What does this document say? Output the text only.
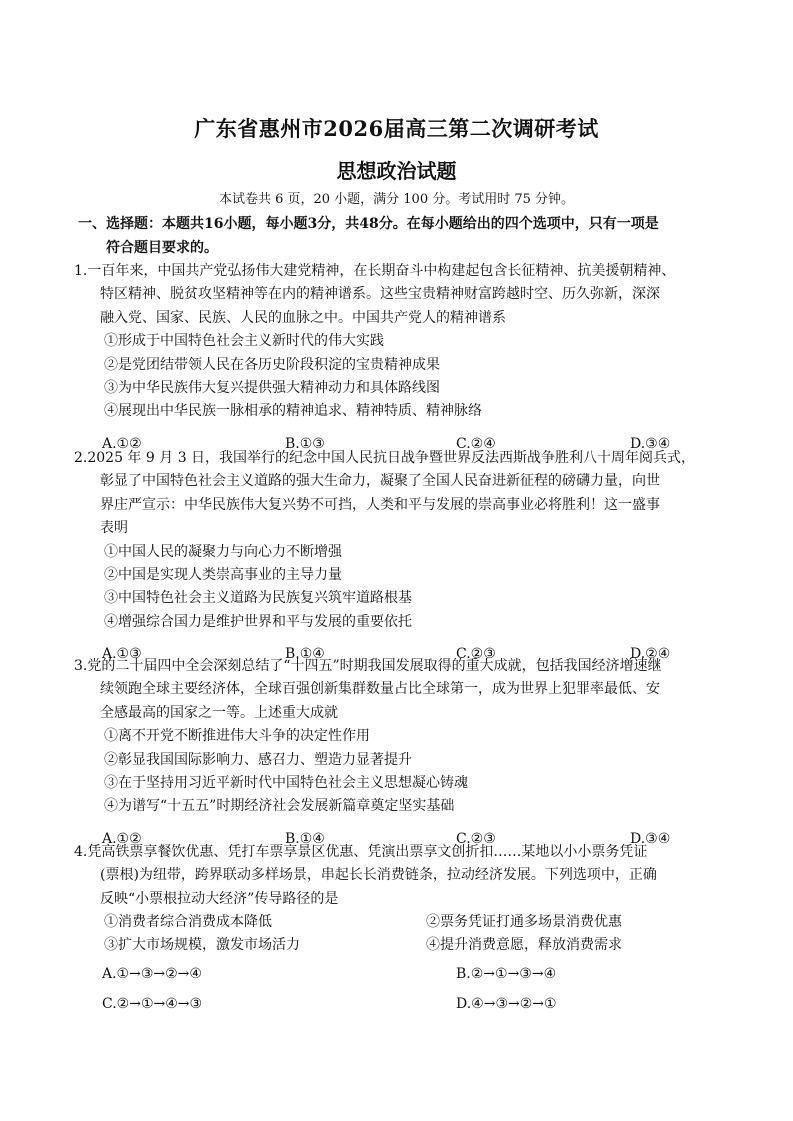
广东省惠州市2026届高三第二次调研考试
思想政治试题
本试卷共 6 页，20 小题，满分 100 分。考试用时 75 分钟。
一、选择题：本题共16小题，每小题3分，共48分。在每小题给出的四个选项中，只有一项是
符合题目要求的。
1.一百年来，中国共产党弘扬伟大建党精神，在长期奋斗中构建起包含长征精神、抗美援朝精神、
特区精神、脱贫攻坚精神等在内的精神谱系。这些宝贵精神财富跨越时空、历久弥新，深深
融入党、国家、民族、人民的血脉之中。中国共产党人的精神谱系
①形成于中国特色社会主义新时代的伟大实践
②是党团结带领人民在各历史阶段积淀的宝贵精神成果
③为中华民族伟大复兴提供强大精神动力和具体路线图
④展现出中华民族一脉相承的精神追求、精神特质、精神脉络
A.①②	B.①③	C.②④	D.③④
2.2025 年 9 月 3 日，我国举行的纪念中国人民抗日战争暨世界反法西斯战争胜利八十周年阅兵式，
彰显了中国特色社会主义道路的强大生命力，凝聚了全国人民奋进新征程的磅礴力量，向世
界庄严宣示：中华民族伟大复兴势不可挡，人类和平与发展的崇高事业必将胜利！这一盛事
表明
①中国人民的凝聚力与向心力不断增强
②中国是实现人类崇高事业的主导力量
③中国特色社会主义道路为民族复兴筑牢道路根基
④增强综合国力是维护世界和平与发展的重要依托
A.①③	B.①④	C.②③	D.②④
3.党的二十届四中全会深刻总结了“十四五”时期我国发展取得的重大成就，包括我国经济增速继
续领跑全球主要经济体，全球百强创新集群数量占比全球第一，成为世界上犯罪率最低、安
全感最高的国家之一等。上述重大成就
①离不开党不断推进伟大斗争的决定性作用
②彰显我国国际影响力、感召力、塑造力显著提升
③在于坚持用习近平新时代中国特色社会主义思想凝心铸魂
④为谱写“十五五”时期经济社会发展新篇章奠定坚实基础
A.①②	B.①④	C.②③	D.③④
4.凭高铁票享餐饮优惠、凭打车票享景区优惠、凭演出票享文创折扣……某地以小小票务凭证
(票根)为纽带，跨界联动多样场景，串起长长消费链条，拉动经济发展。下列选项中，正确
反映“小票根拉动大经济”传导路径的是
①消费者综合消费成本降低	②票务凭证打通多场景消费优惠
③扩大市场规模，激发市场活力	④提升消费意愿，释放消费需求
A.①→③→②→④	B.②→①→③→④
C.②→①→④→③	D.④→③→②→①
